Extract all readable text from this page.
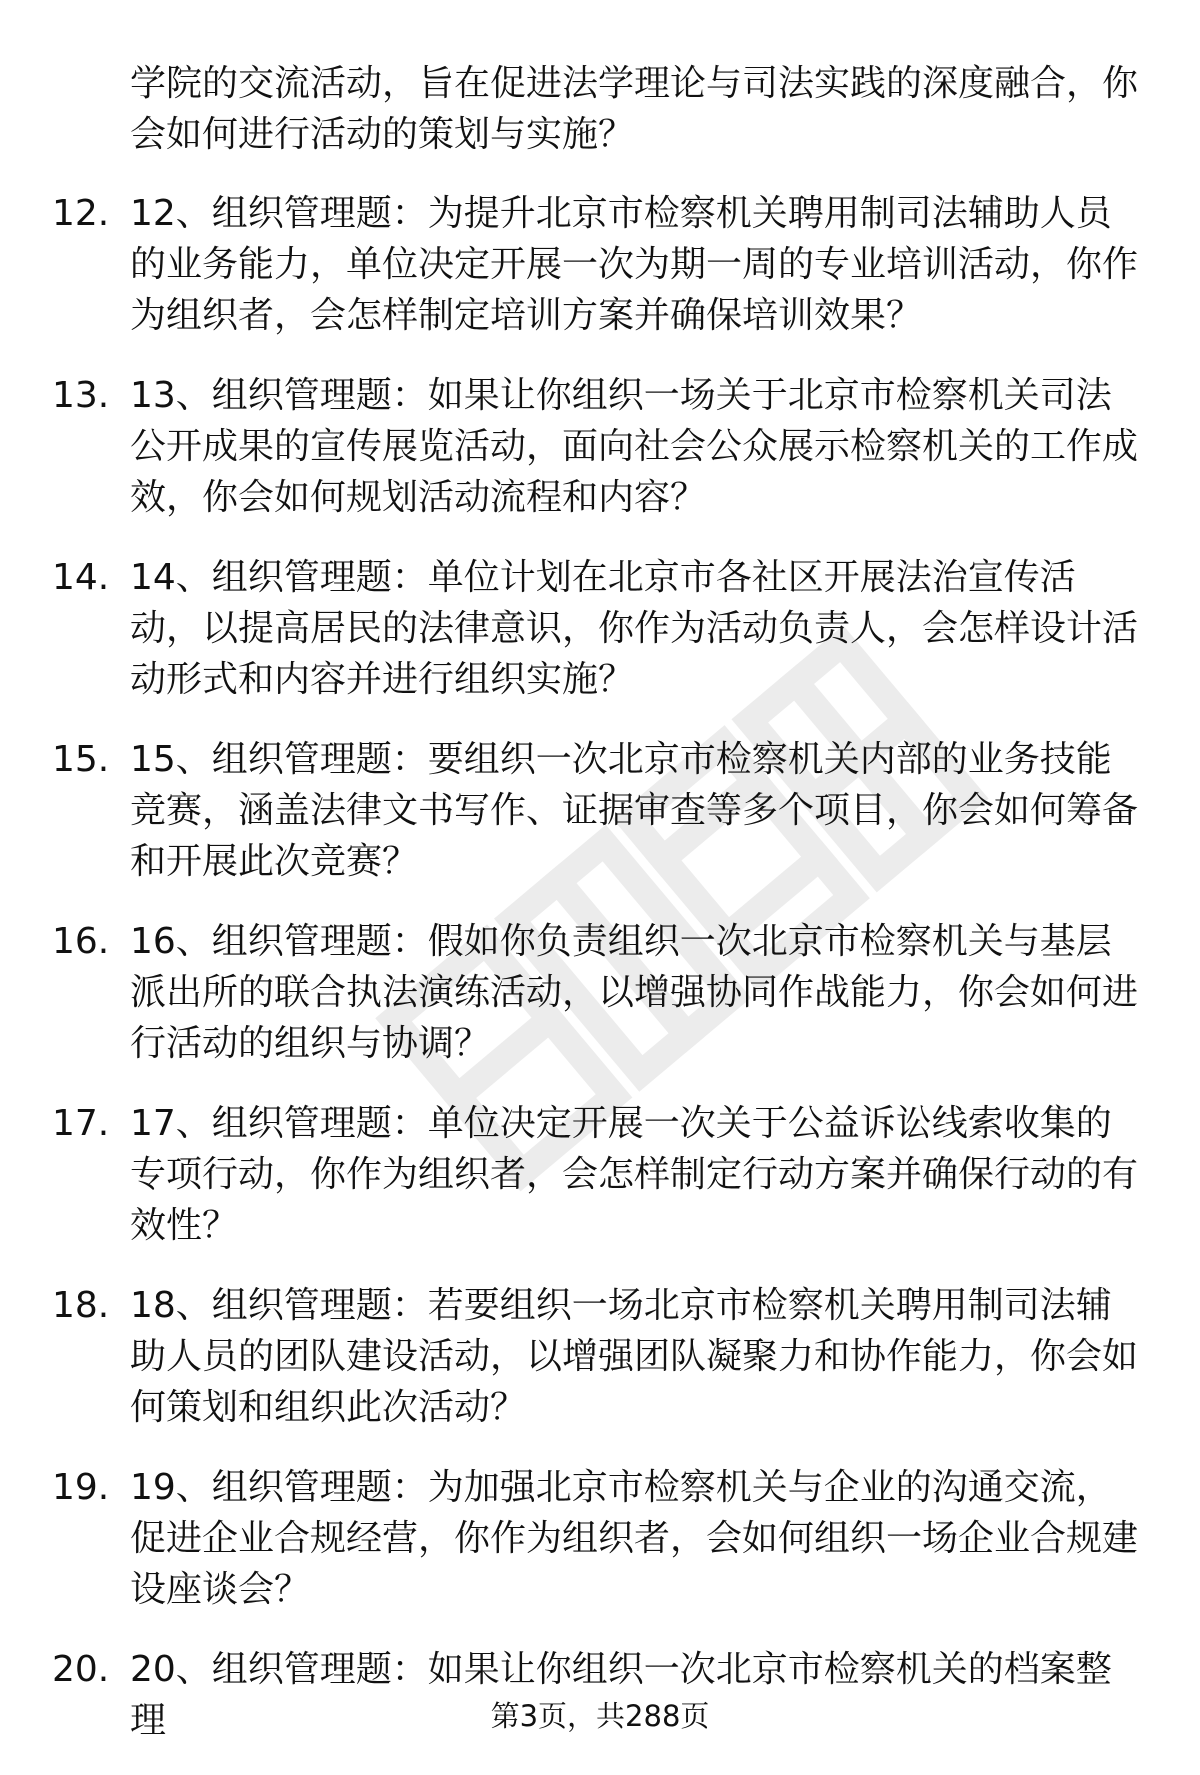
学院的交流活动，旨在促进法学理论与司法实践的深度融合，你会如何进行活动的策划与实施？

12. 12、组织管理题：为提升北京市检察机关聘用制司法辅助人员的业务能力，单位决定开展一次为期一周的专业培训活动，你作为组织者，会怎样制定培训方案并确保培训效果？
13. 13、组织管理题：如果让你组织一场关于北京市检察机关司法公开成果的宣传展览活动，面向社会公众展示检察机关的工作成效，你会如何规划活动流程和内容？
14. 14、组织管理题：单位计划在北京市各社区开展法治宣传活动，以提高居民的法律意识，你作为活动负责人，会怎样设计活动形式和内容并进行组织实施？
15. 15、组织管理题：要组织一次北京市检察机关内部的业务技能竞赛，涵盖法律文书写作、证据审查等多个项目，你会如何筹备和开展此次竞赛？
16. 16、组织管理题：假如你负责组织一次北京市检察机关与基层派出所的联合执法演练活动，以增强协同作战能力，你会如何进行活动的组织与协调？
17. 17、组织管理题：单位决定开展一次关于公益诉讼线索收集的专项行动，你作为组织者，会怎样制定行动方案并确保行动的有效性？
18. 18、组织管理题：若要组织一场北京市检察机关聘用制司法辅助人员的团队建设活动，以增强团队凝聚力和协作能力，你会如何策划和组织此次活动？
19. 19、组织管理题：为加强北京市检察机关与企业的沟通交流，促进企业合规经营，你作为组织者，会如何组织一场企业合规建设座谈会？
20. 20、组织管理题：如果让你组织一次北京市检察机关的档案整理	第3页，共288页
